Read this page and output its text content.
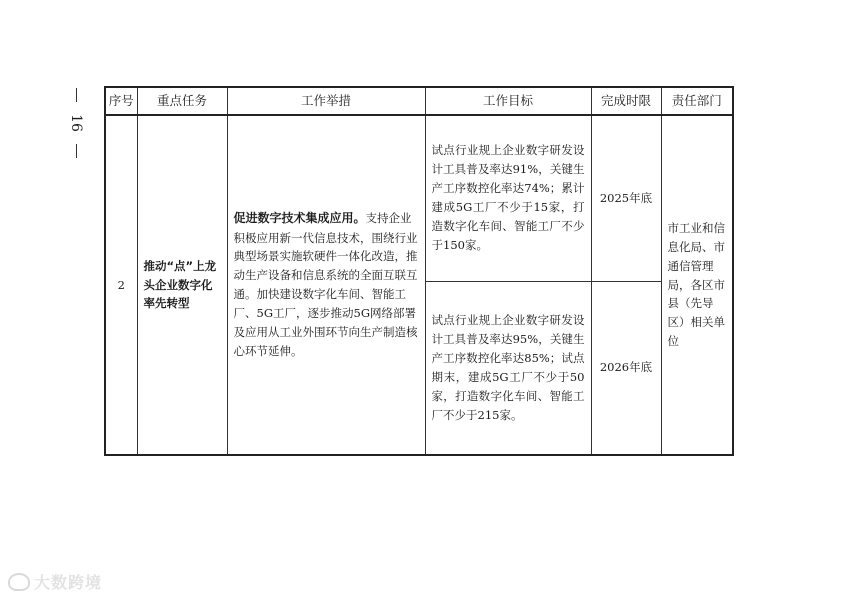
16
序号	重点任务	工作举措	工作目标	完成时限	责任部门
2	推动“点”上龙头企业数字化率先转型	促进数字技术集成应用。支持企业积极应用新一代信息技术，围绕行业典型场景实施软硬件一体化改造，推动生产设备和信息系统的全面互联互通。加快建设数字化车间、智能工厂、5G工厂，逐步推动5G网络部署及应用从工业外围环节向生产制造核心环节延伸。	试点行业规上企业数字研发设计工具普及率达91%，关键生产工序数控化率达74%；累计建成5G工厂不少于15家，打造数字化车间、智能工厂不少于150家。	2025年底	市工业和信息化局、市通信管理局，各区市县（先导区）相关单位
			试点行业规上企业数字研发设计工具普及率达95%，关键生产工序数控化率达85%；试点期末，建成5G工厂不少于50家，打造数字化车间、智能工厂不少于215家。	2026年底	
大数跨境
